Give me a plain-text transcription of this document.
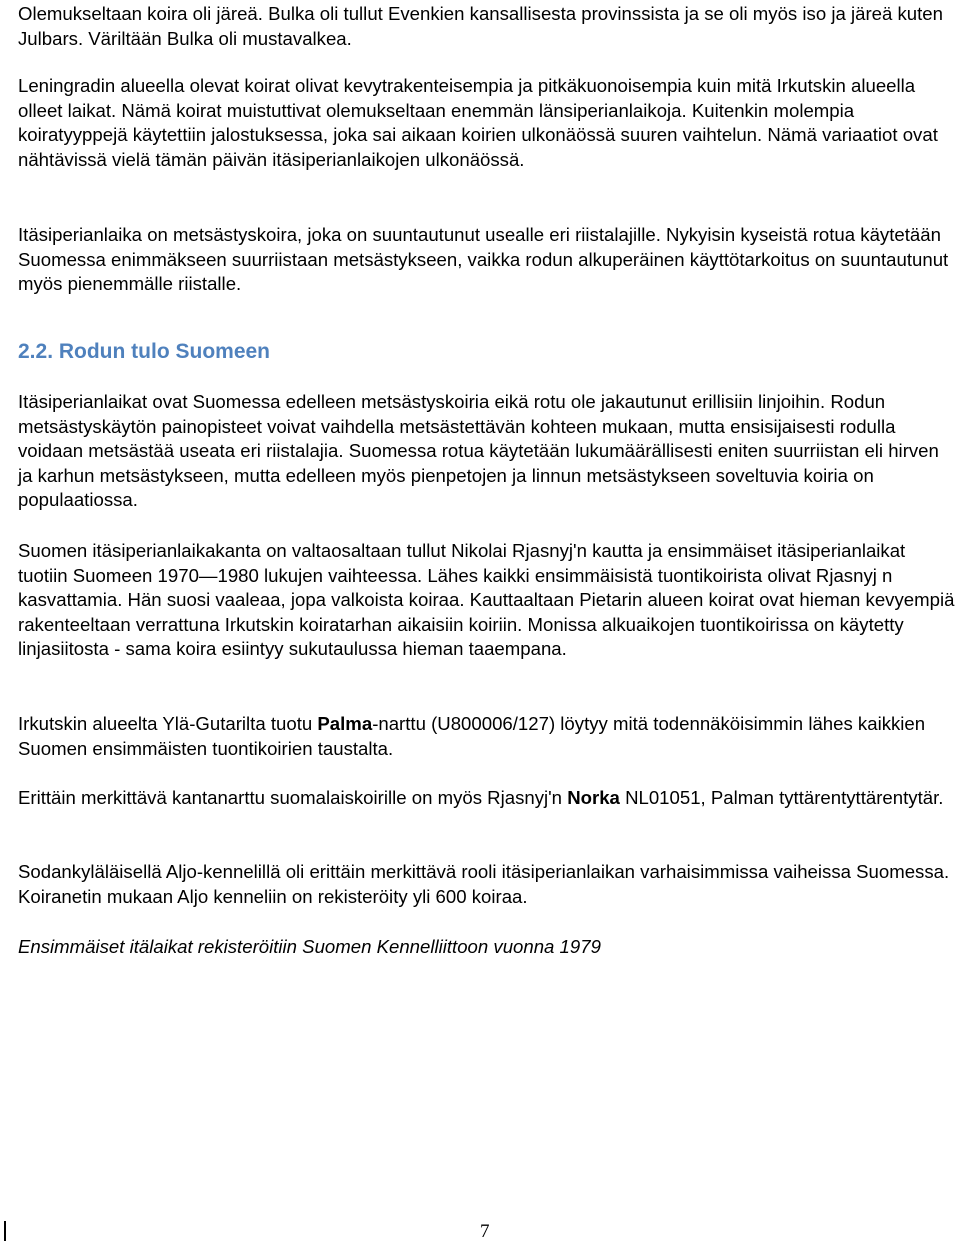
Olemukseltaan koira oli järeä. Bulka oli tullut Evenkien kansallisesta provinssista ja se oli myös iso ja järeä kuten Julbars. Väriltään Bulka oli mustavalkea.

Leningradin alueella olevat koirat olivat kevytrakenteisempia ja pitkäkuonoisempia kuin mitä Irkutskin alueella olleet laikat. Nämä koirat muistuttivat olemukseltaan enemmän länsiperianlaikoja. Kuitenkin molempia koiratyyppejä käytettiin jalostuksessa, joka sai aikaan koirien ulkonäössä suuren vaihtelun. Nämä variaatiot ovat nähtävissä vielä tämän päivän itäsiperianlaikojen ulkonäössä.

Itäsiperianlaika on metsästyskoira, joka on suuntautunut usealle eri riistalajille. Nykyisin kyseistä rotua käytetään Suomessa enimmäkseen suurriistaan metsästykseen, vaikka rodun alkuperäinen käyttötarkoitus on suuntautunut myös pienemmälle riistalle.

2.2. Rodun tulo Suomeen

Itäsiperianlaikat ovat Suomessa edelleen metsästyskoiria eikä rotu ole jakautunut erillisiin linjoihin. Rodun metsästyskäytön painopisteet voivat vaihdella metsästettävän kohteen mukaan, mutta ensisijaisesti rodulla voidaan metsästää useata eri riistalajia. Suomessa rotua käytetään lukumäärällisesti eniten suurriistan eli hirven ja karhun metsästykseen, mutta edelleen myös pienpetojen ja linnun metsästykseen soveltuvia koiria on populaatiossa.

Suomen itäsiperianlaikakanta on valtaosaltaan tullut Nikolai Rjasnyj'n kautta ja ensimmäiset itäsiperianlaikat tuotiin Suomeen 1970—1980 lukujen vaihteessa. Lähes kaikki ensimmäisistä tuontikoirista olivat Rjasnyj n kasvattamia. Hän suosi vaaleaa, jopa valkoista koiraa. Kauttaaltaan Pietarin alueen koirat ovat hieman kevyempiä rakenteeltaan verrattuna Irkutskin koiratarhan aikaisiin koiriin. Monissa alkuaikojen tuontikoirissa on käytetty linjasiitosta - sama koira esiintyy sukutaulussa hieman taaempana.

Irkutskin alueelta Ylä-Gutarilta tuotu Palma-narttu (U800006/127) löytyy mitä todennäköisimmin lähes kaikkien Suomen ensimmäisten tuontikoirien taustalta.

Erittäin merkittävä kantanarttu suomalaiskoirille on myös Rjasnyj'n Norka NL01051, Palman tyttärentyttärentytär.

Sodankyläläisellä Aljo-kennelillä oli erittäin merkittävä rooli itäsiperianlaikan varhaisimmissa vaiheissa Suomessa. Koiranetin mukaan Aljo kenneliin on rekisteröity yli 600 koiraa.

Ensimmäiset itälaikat rekisteröitiin Suomen Kennelliittoon vuonna 1979

7
